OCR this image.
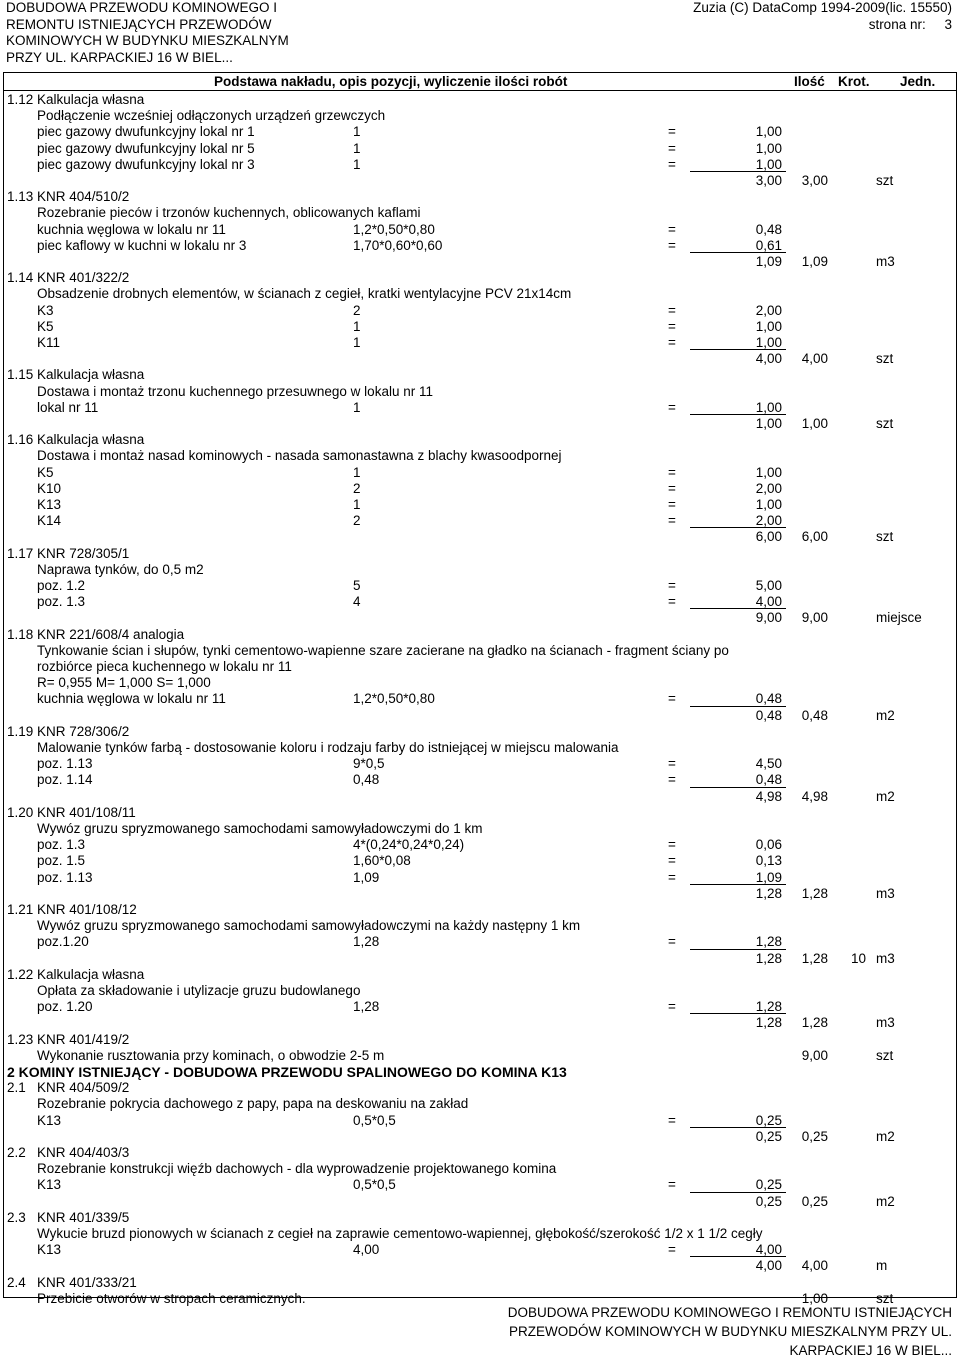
DOBUDOWA PRZEWODU KOMINOWEGO I
REMONTU ISTNIEJĄCYCH PRZEWODÓW
KOMINOWYCH W BUDYNKU MIESZKALNYM
PRZY UL. KARPACKIEJ 16 W BIEL...
Zuzia (C) DataComp 1994-2009(lic. 15550)
strona nr: 3
Podstawa nakładu, opis pozycji, wyliczenie ilości robót	Ilość Krot. Jedn.
1.12 Kalkulacja własna
Podłączenie wcześniej odłączonych urządzeń grzewczych
piec gazowy dwufunkcyjny lokal nr 1	1	=	1,00
piec gazowy dwufunkcyjny lokal nr 5	1	=	1,00
piec gazowy dwufunkcyjny lokal nr 3	1	=	1,00
3,00 3,00	szt
1.13 KNR 404/510/2
Rozebranie pieców i trzonów kuchennych, oblicowanych kaflami
kuchnia węglowa w lokalu nr 11	1,2*0,50*0,80	=	0,48
piec kaflowy w kuchni w lokalu nr 3	1,70*0,60*0,60	=	0,61
1,09 1,09	m3
1.14 KNR 401/322/2
Obsadzenie drobnych elementów, w ścianach z cegieł, kratki wentylacyjne PCV 21x14cm
K3	2	=	2,00
K5	1	=	1,00
K11	1	=	1,00
4,00 4,00	szt
1.15 Kalkulacja własna
Dostawa i montaż trzonu kuchennego przesuwnego w lokalu nr 11
lokal nr 11	1	=	1,00
1,00 1,00	szt
1.16 Kalkulacja własna
Dostawa i montaż nasad kominowych - nasada samonastawna z blachy kwasoodpornej
K5	1	=	1,00
K10	2	=	2,00
K13	1	=	1,00
K14	2	=	2,00
6,00 6,00	szt
1.17 KNR 728/305/1
Naprawa tynków, do 0,5 m2
poz. 1.2	5	=	5,00
poz. 1.3	4	=	4,00
9,00 9,00	miejsce
1.18 KNR 221/608/4 analogia
Tynkowanie ścian i słupów, tynki cementowo-wapienne szare zacierane na gładko na ścianach - fragment ściany po
rozbiórce pieca kuchennego w lokalu nr 11
R= 0,955 M= 1,000 S= 1,000
kuchnia węglowa w lokalu nr 11	1,2*0,50*0,80	=	0,48
0,48 0,48	m2
1.19 KNR 728/306/2
Malowanie tynków farbą - dostosowanie koloru i rodzaju farby do istniejącej w miejscu malowania
poz. 1.13	9*0,5	=	4,50
poz. 1.14	0,48	=	0,48
4,98 4,98	m2
1.20 KNR 401/108/11
Wywóz gruzu spryzmowanego samochodami samowyładowczymi do 1 km
poz. 1.3	4*(0,24*0,24*0,24)	=	0,06
poz. 1.5	1,60*0,08	=	0,13
poz. 1.13	1,09	=	1,09
1,28 1,28	m3
1.21 KNR 401/108/12
Wywóz gruzu spryzmowanego samochodami samowyładowczymi na każdy następny 1 km
poz.1.20	1,28	=	1,28
1,28 1,28 10 m3
1.22 Kalkulacja własna
Opłata za składowanie i utylizacje gruzu budowlanego
poz. 1.20	1,28	=	1,28
1,28 1,28	m3
1.23 KNR 401/419/2
Wykonanie rusztowania przy kominach, o obwodzie 2-5 m	9,00	szt
2 KOMINY ISTNIEJĄCY - DOBUDOWA PRZEWODU SPALINOWEGO DO KOMINA K13
2.1 KNR 404/509/2
Rozebranie pokrycia dachowego z papy, papa na deskowaniu na zakład
K13	0,5*0,5	=	0,25
0,25 0,25	m2
2.2 KNR 404/403/3
Rozebranie konstrukcji więźb dachowych - dla wyprowadzenie projektowanego komina
K13	0,5*0,5	=	0,25
0,25 0,25	m2
2.3 KNR 401/339/5
Wykucie bruzd pionowych w ścianach z cegieł na zaprawie cementowo-wapiennej, głębokość/szerokość 1/2 x 1 1/2 cegły
K13	4,00	=	4,00
4,00 4,00	m
2.4 KNR 401/333/21
Przebicie otworów w stropach ceramicznych.	1,00	szt
DOBUDOWA PRZEWODU KOMINOWEGO I REMONTU ISTNIEJĄCYCH
PRZEWODÓW KOMINOWYCH W BUDYNKU MIESZKALNYM PRZY UL.
KARPACKIEJ 16 W BIEL...
